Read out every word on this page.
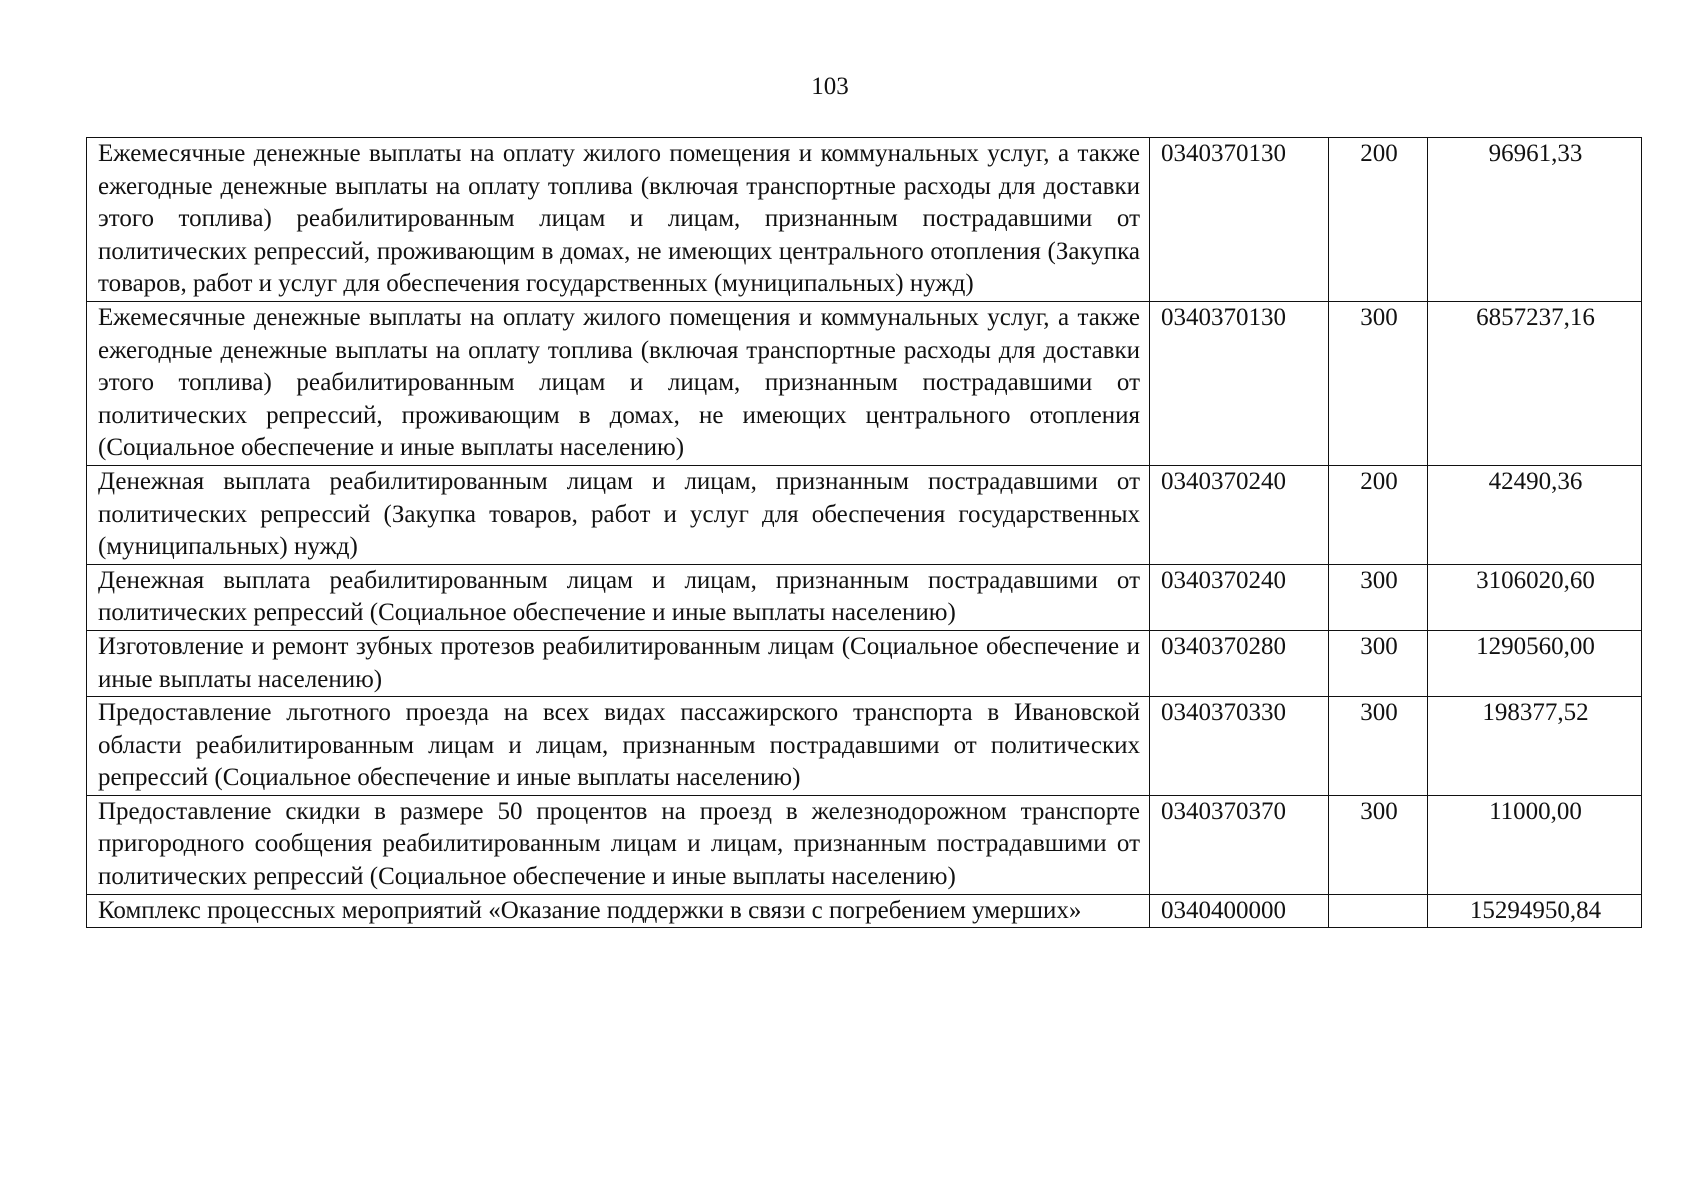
103
Ежемесячные денежные выплаты на оплату жилого помещения и коммунальных услуг, а также ежегодные денежные выплаты на оплату топлива (включая транспортные расходы для доставки этого топлива) реабилитированным лицам и лицам, признанным пострадавшими от политических репрессий, проживающим в домах, не имеющих центрального отопления (Закупка товаров, работ и услуг для обеспечения государственных (муниципальных) нужд)	0340370130	200	96961,33
Ежемесячные денежные выплаты на оплату жилого помещения и коммунальных услуг, а также ежегодные денежные выплаты на оплату топлива (включая транспортные расходы для доставки этого топлива) реабилитированным лицам и лицам, признанным пострадавшими от политических репрессий, проживающим в домах, не имеющих центрального отопления (Социальное обеспечение и иные выплаты населению)	0340370130	300	6857237,16
Денежная выплата реабилитированным лицам и лицам, признанным пострадавшими от политических репрессий (Закупка товаров, работ и услуг для обеспечения государственных (муниципальных) нужд)	0340370240	200	42490,36
Денежная выплата реабилитированным лицам и лицам, признанным пострадавшими от политических репрессий (Социальное обеспечение и иные выплаты населению)	0340370240	300	3106020,60
Изготовление и ремонт зубных протезов реабилитированным лицам (Социальное обеспечение и иные выплаты населению)	0340370280	300	1290560,00
Предоставление льготного проезда на всех видах пассажирского транспорта в Ивановской области реабилитированным лицам и лицам, признанным пострадавшими от политических репрессий (Социальное обеспечение и иные выплаты населению)	0340370330	300	198377,52
Предоставление скидки в размере 50 процентов на проезд в железнодорожном транспорте пригородного сообщения реабилитированным лицам и лицам, признанным пострадавшими от политических репрессий (Социальное обеспечение и иные выплаты населению)	0340370370	300	11000,00
Комплекс процессных мероприятий «Оказание поддержки в связи с погребением умерших»	0340400000		15294950,84
